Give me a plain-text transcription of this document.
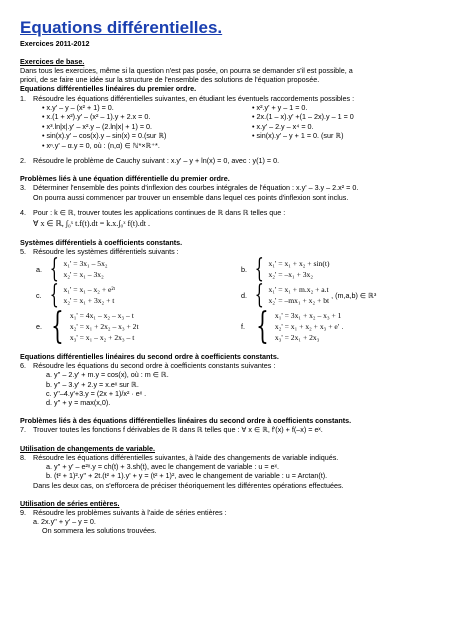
Equations différentielles.
Exercices 2011-2012
Exercices de base.
Dans tous les exercices, même si la question n'est pas posée, on pourra se demander s'il est possible, a
priori, de se faire une idée sur la structure de l'ensemble des solutions de l'équation proposée.
Equations différentielles linéaires du premier ordre.
1. Résoudre les équations différentielles suivantes, en étudiant les éventuels raccordements possibles :
• x.y' – y – (x² + 1) = 0.	• x².y' + y – 1 = 0.
• x.(1 + x²).y' – (x² – 1).y + 2.x = 0.	• 2x.(1 – x).y' +(1 – 2x).y – 1 = 0
• x³.ln|x|.y' – x².y – (2.ln|x| + 1) = 0.	• x.y' – 2.y – x⁴ = 0.
• sin(x).y' – cos(x).y – sin(x) = 0.(sur ℝ)	• sin(x).y' – y + 1 = 0. (sur ℝ)
• xⁿ.y' – α.y = 0, où : (n,α) ∈ ℕ*×ℝ⁺*.
2. Résoudre le problème de Cauchy suivant : x.y' – y + ln(x) = 0, avec : y(1) = 0.
Problèmes liés à une équation différentielle du premier ordre.
3. Déterminer l'ensemble des points d'inflexion des courbes intégrales de l'équation : x.y' – 3.y – 2.x² = 0.
On pourra aussi commencer par trouver un ensemble dans lequel ces points d'inflexion sont inclus.
4. Pour : k ∈ ℝ, trouver toutes les applications continues de ℝ dans ℝ telles que :
∀ x ∈ ℝ, ∫₀ˣ t.f(t).dt = k.x.∫₀ˣ f(t).dt .
Systèmes différentiels à coefficients constants.
5. Résoudre les systèmes différentiels suivants :
a. { x₁' = 3x₁ – 5x₂
x₂' = x₁ – 3x₂
b. { x₁' = x₁ + x₂ + sin(t)
x₂' = –x₁ + 3x₂
c. { x₁' = x₁ – x₂ + e²ᵗ
x₂' = x₁ + 3x₂ + t
d. { x₁' = x₁ + m.x₂ + a.t
x₂' = –mx₁ + x₂ + bt
, (m,a,b) ∈ ℝ³
e. { x₁' = 4x₁ – x₂ – x₃ – t
x₂' = x₁ + 2x₂ – x₃ + 2t
x₃' = x₁ – x₂ + 2x₃ – t
f. { x₁' = 3x₁ + x₂ – x₃ + 1
x₂' = x₁ + x₂ + x₃ + e'
x₃' = 2x₁ + 2x₃
.
Equations différentielles linéaires du second ordre à coefficients constants.
6. Résoudre les équations du second ordre à coefficients constants suivantes :
a. y'' – 2.y' + m.y = cos(x), où : m ∈ ℝ.
b. y'' – 3.y' + 2.y = x.eˣ sur ℝ.
c. y''–4.y'+3.y = (2x + 1)/x² · eˣ .
d. y'' + y = max(x,0).
Problèmes liés à des équations différentielles linéaires du second ordre à coefficients constants.
7. Trouver toutes les fonctions f dérivables de ℝ dans ℝ telles que : ∀ x ∈ ℝ, f'(x) + f(–x) = eˣ.
Utilisation de changements de variable.
8. Résoudre les équations différentielles suivantes, à l'aide des changements de variable indiqués.
a. y'' + y' – e²ˣ.y = ch(t) + 3.sh(t), avec le changement de variable : u = eˣ.
b. (t² + 1)².y'' + 2t.(t² + 1).y' + y = (t² + 1)², avec le changement de variable : u = Arctan(t).
Dans les deux cas, on s'efforcera de préciser théoriquement les différentes opérations effectuées.
Utilisation de séries entières.
9. Résoudre les problèmes suivants à l'aide de séries entières :
a. 2x.y'' + y' – y = 0.
On sommera les solutions trouvées.
